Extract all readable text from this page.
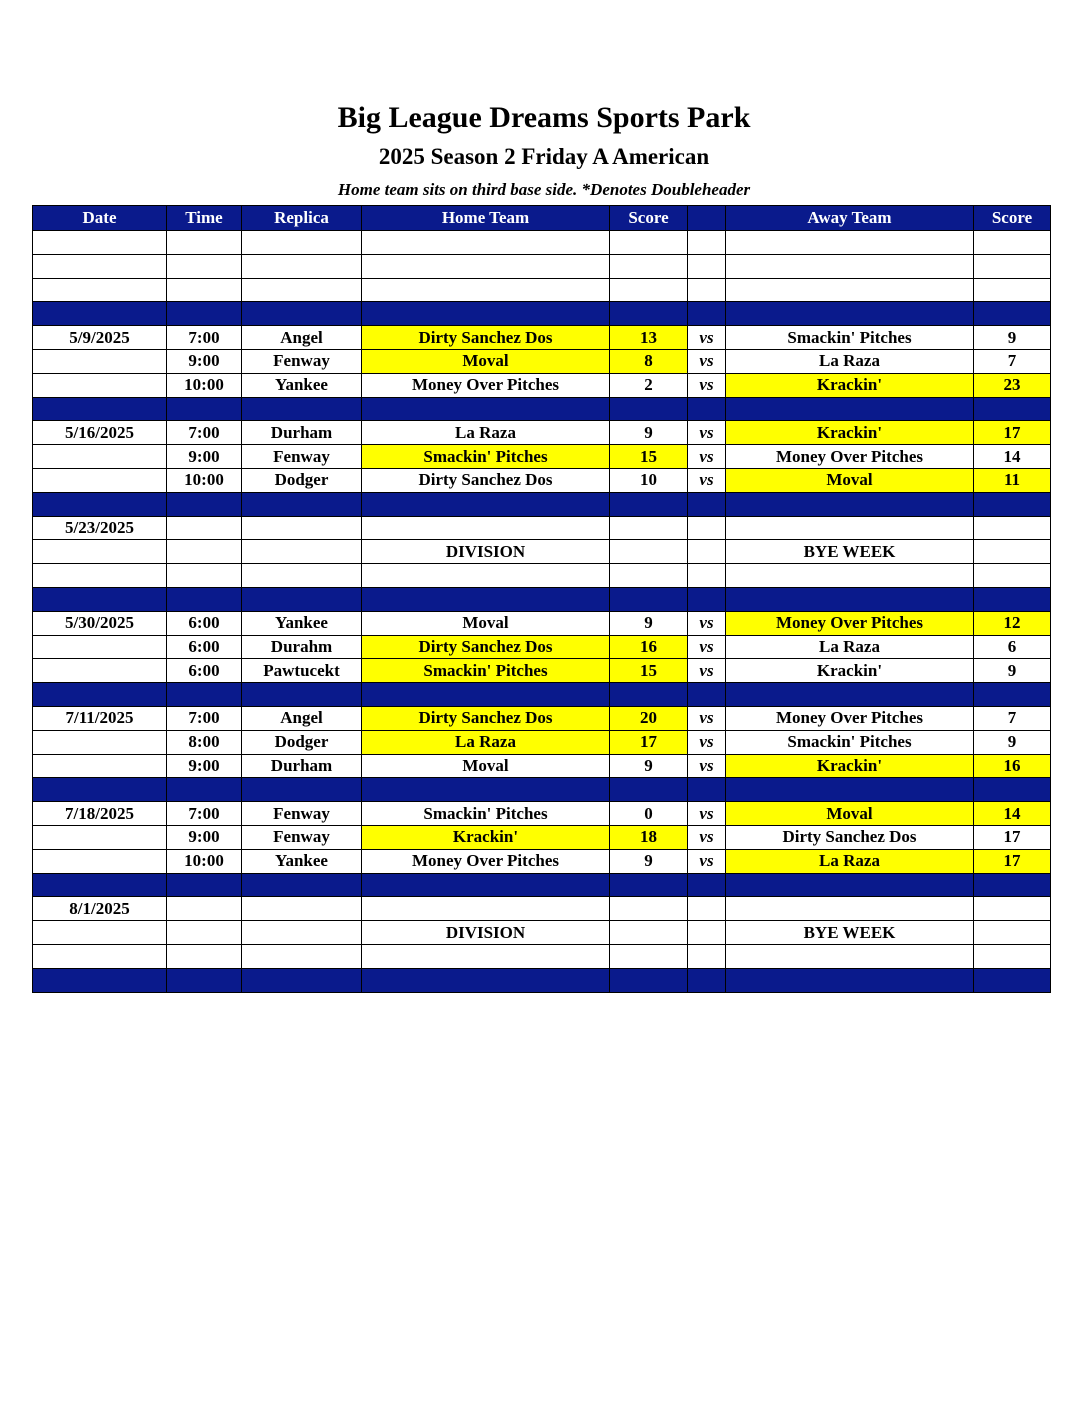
Big League Dreams Sports Park
2025 Season 2 Friday A American
Home team sits on third base side. *Denotes Doubleheader
Date	Time	Replica	Home Team	Score		Away Team	Score

5/9/2025	7:00	Angel	Dirty Sanchez Dos	13	vs	Smackin' Pitches	9
	9:00	Fenway	Moval	8	vs	La Raza	7
	10:00	Yankee	Money Over Pitches	2	vs	Krackin'	23

5/16/2025	7:00	Durham	La Raza	9	vs	Krackin'	17
	9:00	Fenway	Smackin' Pitches	15	vs	Money Over Pitches	14
	10:00	Dodger	Dirty Sanchez Dos	10	vs	Moval	11

5/23/2025							
			DIVISION			BYE WEEK	

5/30/2025	6:00	Yankee	Moval	9	vs	Money Over Pitches	12
	6:00	Durahm	Dirty Sanchez Dos	16	vs	La Raza	6
	6:00	Pawtucekt	Smackin' Pitches	15	vs	Krackin'	9

7/11/2025	7:00	Angel	Dirty Sanchez Dos	20	vs	Money Over Pitches	7
	8:00	Dodger	La Raza	17	vs	Smackin' Pitches	9
	9:00	Durham	Moval	9	vs	Krackin'	16

7/18/2025	7:00	Fenway	Smackin' Pitches	0	vs	Moval	14
	9:00	Fenway	Krackin'	18	vs	Dirty Sanchez Dos	17
	10:00	Yankee	Money Over Pitches	9	vs	La Raza	17

8/1/2025							
			DIVISION			BYE WEEK	
